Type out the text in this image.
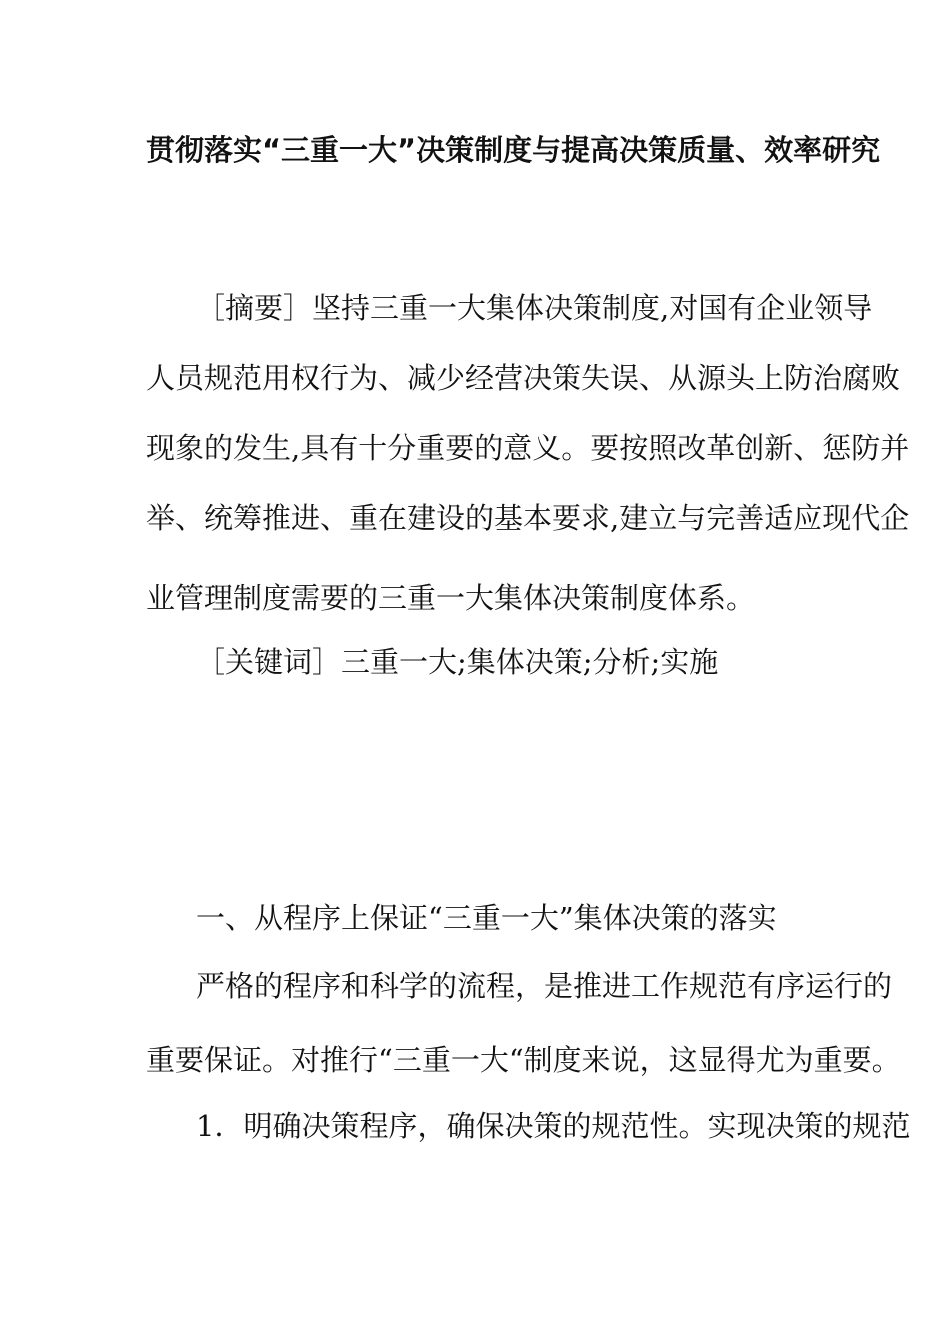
贯彻落实“三重一大”决策制度与提高决策质量、效率研究
［摘要］坚持三重一大集体决策制度,对国有企业领导
人员规范用权行为、减少经营决策失误、从源头上防治腐败
现象的发生,具有十分重要的意义。要按照改革创新、惩防并
举、统筹推进、重在建设的基本要求,建立与完善适应现代企
业管理制度需要的三重一大集体决策制度体系。
［关键词］三重一大;集体决策;分析;实施
一、从程序上保证“三重一大”集体决策的落实
严格的程序和科学的流程，是推进工作规范有序运行的
重要保证。对推行“三重一大“制度来说，这显得尤为重要。
1．明确决策程序，确保决策的规范性。实现决策的规范
